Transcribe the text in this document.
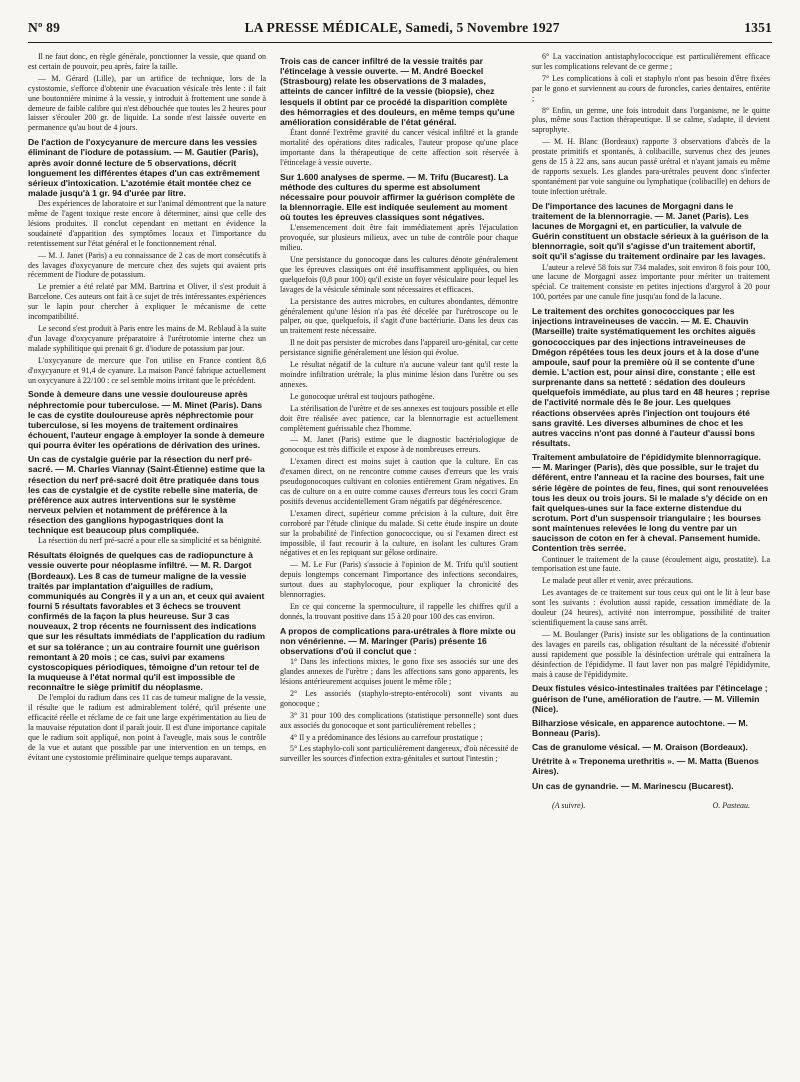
Nº 89	LA PRESSE MÉDICALE, Samedi, 5 Novembre 1927	1351

Il ne faut donc, en règle générale, ponctionner la vessie, que quand on est certain de pouvoir, peu après, faire la taille.

— M. Gérard (Lille), par un artifice de technique, lors de la cystostomie, s'efforce d'obtenir une évacuation vésicale très lente : il fait une boutonnière minime à la vessie, y introduit à frottement une sonde à demeure de faible calibre qui n'est débouchée que toutes les 2 heures pour laisser s'écouler 200 gr. de liquide. La sonde n'est laissée ouverte en permanence qu'au bout de 4 jours.

De l'action de l'oxycyanure de mercure dans les vessies éliminant de l'iodure de potassium. — M. Gautier (Paris), après avoir donné lecture de 5 observations, décrit longuement les différentes étapes d'un cas extrêmement sérieux d'intoxication. L'azotémie était montée chez ce malade jusqu'à 1 gr. 94 d'urée par litre.

Des expériences de laboratoire et sur l'animal démontrent que la nature même de l'agent toxique reste encore à déterminer, ainsi que celle des lésions produites. Il conclut cependant en mettant en évidence la soudaineté d'apparition des symptômes locaux et l'importance du retentissement sur l'état général et le fonctionnement rénal.

— M. J. Janet (Paris) a eu connaissance de 2 cas de mort consécutifs à des lavages d'oxycyanure de mercure chez des sujets qui avaient pris récemment de l'iodure de potassium.

Le premier a été relaté par MM. Bartrina et Oliver, il s'est produit à Barcelone. Ces auteurs ont fait à ce sujet de très intéressantes expériences sur le lapin pour chercher à expliquer le mécanisme de cette incompatibilité.

Le second s'est produit à Paris entre les mains de M. Reblaud à la suite d'un lavage d'oxycyanure préparatoire à l'urétrotomie interne chez un malade syphilitique qui prenait 6 gr. d'iodure de potassium par jour.

L'oxycyanure de mercure que l'on utilise en France contient 8,6 d'oxycyanure et 91,4 de cyanure. La maison Pancé fabrique actuellement un oxycyanure à 22/100 : ce sel semble moins irritant que le précédent.

Sonde à demeure dans une vessie douloureuse après néphrectomie pour tuberculose. — M. Minet (Paris). Dans le cas de cystite douloureuse après néphrectomie pour tuberculose, si les moyens de traitement ordinaires échouent, l'auteur engage à employer la sonde à demeure qui pourra éviter les opérations de dérivation des urines.
Un cas de cystalgie guérie par la résection du nerf pré-sacré. — M. Charles Viannay (Saint-Étienne) estime que la résection du nerf pré-sacré doit être pratiquée dans tous les cas de cystalgie et de cystite rebelle sine materia, de préférence aux autres interventions sur le système nerveux pelvien et notamment de préférence à la résection des ganglions hypogastriques dont la technique est beaucoup plus compliquée.

La résection du nerf pré-sacré a pour elle sa simplicité et sa bénignité.

Résultats éloignés de quelques cas de radiopuncture à vessie ouverte pour néoplasme infiltré. — M. R. Dargot (Bordeaux). Les 8 cas de tumeur maligne de la vessie traités par implantation d'aiguilles de radium, communiqués au Congrès il y a un an, et ceux qui avaient fourni 5 résultats favorables et 3 échecs se trouvent confirmés de la façon la plus heureuse. Sur 3 cas nouveaux, 2 trop récents ne fournissent des indications que sur les résultats immédiats de l'application du radium et sur sa tolérance ; un au contraire fournit une guérison remontant à 20 mois ; ce cas, suivi par examens cystoscopiques périodiques, témoigne d'un retour tel de la muqueuse à l'état normal qu'il est impossible de reconnaître le siège primitif du néoplasme.

De l'emploi du radium dans ces 11 cas de tumeur maligne de la vessie, il résulte que le radium est admirablement toléré, qu'il présente une efficacité réelle et réclame de ce fait une large expérimentation au lieu de la mauvaise réputation dont il paraît jouir. Il est d'une importance capitale que le radium soit appliqué, non point à l'aveugle, mais sous le contrôle de la vue et autant que possible par une intervention en un temps, en évitant une cystostomie préliminaire quelque temps auparavant.

Trois cas de cancer infiltré de la vessie traités par l'étincelage à vessie ouverte. — M. André Boeckel (Strasbourg) relate les observations de 3 malades, atteints de cancer infiltré de la vessie (biopsie), chez lesquels il obtint par ce procédé la disparition complète des hémorragies et des douleurs, en même temps qu'une amélioration considérable de l'état général.

Étant donné l'extrême gravité du cancer vésical infiltré et la grande mortalité des opérations dites radicales, l'auteur propose qu'une place importante dans la thérapeutique de cette affection soit réservée à l'étincelage à vessie ouverte.

Sur 1.600 analyses de sperme. — M. Trifu (Bucarest). La méthode des cultures du sperme est absolument nécessaire pour pouvoir affirmer la guérison complète de la blennorragie. Elle est indiquée seulement au moment où toutes les épreuves classiques sont négatives.

L'ensemencement doit être fait immédiatement après l'éjaculation provoquée, sur plusieurs milieux, avec un tube de contrôle pour chaque milieu.

Une persistance du gonocoque dans les cultures dénote généralement que les épreuves classiques ont été insuffisamment appliquées, ou bien quelquefois (0,8 pour 100) qu'il existe un foyer vésiculaire pour lequel les lavages de la vésicule séminale sont nécessaires et efficaces.

La persistance des autres microbes, en cultures abondantes, démontre généralement qu'une lésion n'a pas été décelée par l'urétroscope ou le palper, ou que, quelquefois, il s'agit d'une bactériurie. Dans les deux cas un traitement reste nécessaire.

Il ne doit pas persister de microbes dans l'appareil uro-génital, car cette persistance signifie généralement une lésion qui évolue.

Le résultat négatif de la culture n'a aucune valeur tant qu'il reste la moindre infiltration urétrale, la plus minime lésion dans l'urètre ou ses annexes.

Le gonocoque urétral est toujours pathogène.

La stérilisation de l'urètre et de ses annexes est toujours possible et elle doit être réalisée avec patience, car la blennorragie est actuellement complètement guérissable chez l'homme.

— M. Janet (Paris) estime que le diagnostic bactériologique de gonocoque est très difficile et expose à de nombreuses erreurs.

L'examen direct est moins sujet à caution que la culture. En cas d'examen direct, on ne rencontre comme causes d'erreurs que les vrais pseudogonocoques cultivant en colonies entièrement Gram négatives. En cas de culture on a en outre comme causes d'erreurs tous les cocci Gram positifs devenus accidentellement Gram négatifs par dégénérescence.

L'examen direct, supérieur comme précision à la culture, doit être corroboré par l'étude clinique du malade. Si cette étude inspire un doute sur la probabilité de l'infection gonococcique, ou si l'examen direct est impossible, il faut recourir à la culture, en isolant les cultures Gram négatives et en les repiquant sur gélose ordinaire.

— M. Le Fur (Paris) s'associe à l'opinion de M. Trifu qu'il soutient depuis longtemps concernant l'importance des infections secondaires, surtout dues au staphylocoque, pour expliquer la chronicité des blennorragies.

En ce qui concerne la spermoculture, il rappelle les chiffres qu'il a donnés, la trouvant positive dans 15 à 20 pour 100 des cas environ.

A propos de complications para-urétrales à flore mixte ou non vénérienne. — M. Maringer (Paris) présente 16 observations d'où il conclut que :

1° Dans les infections mixtes, le gono fixe ses associés sur une des glandes annexes de l'urètre ; dans les affections sans gono apparents, les lésions antérieurement acquises jouent le même rôle ;

2° Les associés (staphylo-strepto-entérocoli) sont vivants au gonocoque ;

3° 31 pour 100 des complications (statistique personnelle) sont dues aux associés du gonocoque et sont particulièrement rebelles ;

4° Il y a prédominance des lésions au carrefour prostatique ;

5° Les staphylo-coli sont particulièrement dangereux, d'où nécessité de surveiller les sources d'infection extra-génitales et surtout l'intestin ;

6° La vaccination antistaphylococcique est particulièrement efficace sur les complications relevant de ce germe ;

7° Les complications à coli et staphylo n'ont pas besoin d'être fixées par le gono et surviennent au cours de furoncles, caries dentaires, entérite ;

8° Enfin, un germe, une fois introduit dans l'organisme, ne le quitte plus, même sous l'action thérapeutique. Il se calme, s'adapte, il devient saprophyte.

— M. H. Blanc (Bordeaux) rapporte 3 observations d'abcès de la prostate primitifs et spontanés, à colibacille, survenus chez des jeunes gens de 15 à 22 ans, sans aucun passé urétral et n'ayant jamais eu même de rapports sexuels. Les glandes para-urétrales peuvent donc s'infecter spontanément par voie sanguine ou lymphatique (colibacille) en dehors de toute infection urétrale.

De l'importance des lacunes de Morgagni dans le traitement de la blennorragie. — M. Janet (Paris). Les lacunes de Morgagni et, en particulier, la valvule de Guérin constituent un obstacle sérieux à la guérison de la blennorragie, soit qu'il s'agisse d'un traitement abortif, soit qu'il s'agisse du traitement ordinaire par les lavages.

L'auteur a relevé 58 fois sur 734 malades, soit environ 8 fois pour 100, une lacune de Morgagni assez importante pour mériter un traitement spécial. Ce traitement consiste en petites injections d'argyrol à 20 pour 100, portées par une canule fine jusqu'au fond de la lacune.

Le traitement des orchites gonococciques par les injections intraveineuses de vaccin. — M. E. Chauvin (Marseille) traite systématiquement les orchites aiguës gonococciques par des injections intraveineuses de Dmégon répétées tous les deux jours et à la dose d'une ampoule, sauf pour la première où il se contente d'une demie. L'action est, pour ainsi dire, constante ; elle est surprenante dans sa netteté : sédation des douleurs quelquefois immédiate, au plus tard en 48 heures ; reprise de l'activité normale dès le 8e jour. Les quelques réactions observées après l'injection ont toujours été sans gravité. Les diverses albumines de choc et les autres vaccins n'ont pas donné à l'auteur d'aussi bons résultats.
Traitement ambulatoire de l'épididymite blennorragique. — M. Maringer (Paris), dès que possible, sur le trajet du déférent, entre l'anneau et la racine des bourses, fait une série légère de pointes de feu, fines, qui sont renouvelées tous les deux ou trois jours. Si le malade s'y décide on en fait quelques-unes sur la face externe distendue du scrotum. Port d'un suspensoir triangulaire ; les bourses sont maintenues relevées le long du ventre par un saucisson de coton en fer à cheval. Pansement humide. Contention très serrée.

Continuer le traitement de la cause (écoulement aigu, prostatite). La temporisation est une faute.

Le malade peut aller et venir, avec précautions.

Les avantages de ce traitement sur tous ceux qui ont le lit à leur base sont les suivants : évolution aussi rapide, cessation immédiate de la douleur (24 heures), activité non interrompue, possibilité de traiter scientifiquement la cause sans arrêt.

— M. Boulanger (Paris) insiste sur les obligations de la continuation des lavages en pareils cas, obligation résultant de la nécessité d'obtenir aussi rapidement que possible la désinfection urétrale qui entraînera la désinfection de l'épididyme. Il faut laver non pas malgré l'épididymite, mais à cause de l'épididymite.

Deux fistules vésico-intestinales traitées par l'étincelage ; guérison de l'une, amélioration de l'autre. — M. Villemin (Nice).
Bilharziose vésicale, en apparence autochtone. — M. Bonneau (Paris).
Cas de granulome vésical. — M. Oraison (Bordeaux).
Urétrite à « Treponema urethritis ». — M. Matta (Buenos Aires).
Un cas de gynandrie. — M. Marinescu (Bucarest).
(A suivre).	O. Pasteau.
